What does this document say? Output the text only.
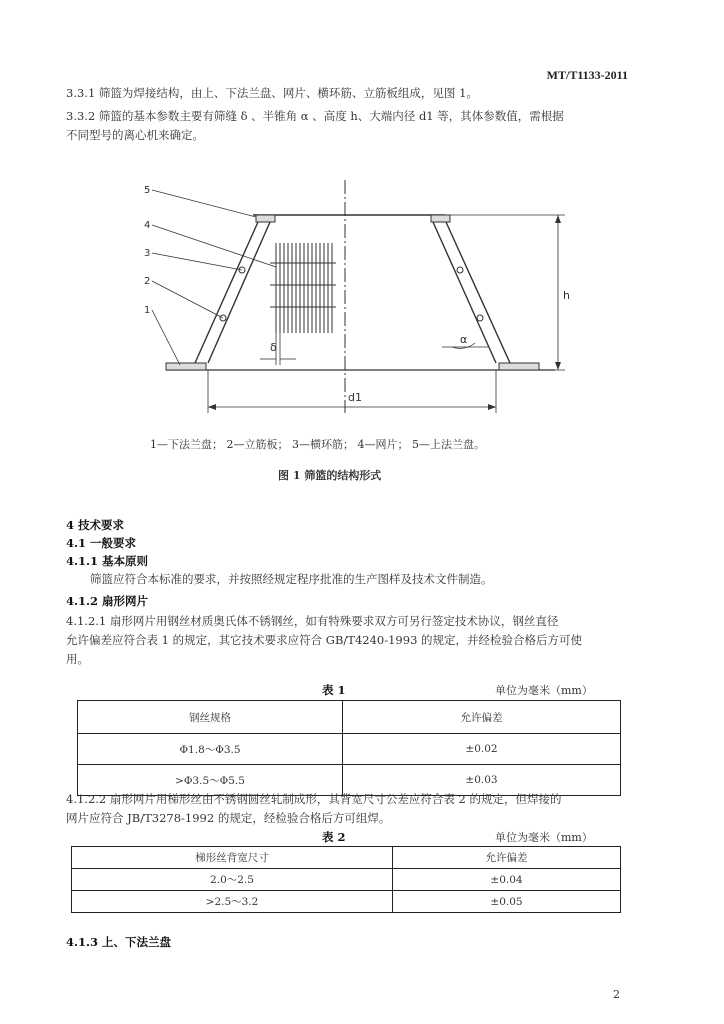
MT/T1133-2011
3.3.1 筛篮为焊接结构，由上、下法兰盘、网片、横环筋、立筋板组成，见图 1。
3.3.2 筛篮的基本参数主要有筛缝 δ 、半锥角 α 、高度 h、大端内径 d1 等，其体参数值，需根据
不同型号的离心机来确定。
5
4
3
2
1
δ
α
h
d1
1—下法兰盘； 2—立筋板； 3—横环筋； 4—网片； 5—上法兰盘。
图 1 筛篮的结构形式
4 技术要求
4.1 一般要求
4.1.1 基本原则
筛篮应符合本标准的要求，并按照经规定程序批准的生产图样及技术文件制造。
4.1.2 扇形网片
4.1.2.1 扇形网片用钢丝材质奥氏体不锈钢丝，如有特殊要求双方可另行签定技术协议，钢丝直径
允许偏差应符合表 1 的规定，其它技术要求应符合 GB/T4240-1993 的规定，并经检验合格后方可使
用。
表 1	单位为毫米（mm）
钢丝规格	允许偏差
Φ1.8～Φ3.5	±0.02
>Φ3.5～Φ5.5	±0.03
4.1.2.2 扇形网片用梯形丝由不锈钢圆丝轧制成形，其背宽尺寸公差应符合表 2 的规定，但焊接的
网片应符合 JB/T3278-1992 的规定，经检验合格后方可组焊。
表 2	单位为毫米（mm）
梯形丝背宽尺寸	允许偏差
2.0～2.5	±0.04
>2.5～3.2	±0.05
4.1.3 上、下法兰盘
2
